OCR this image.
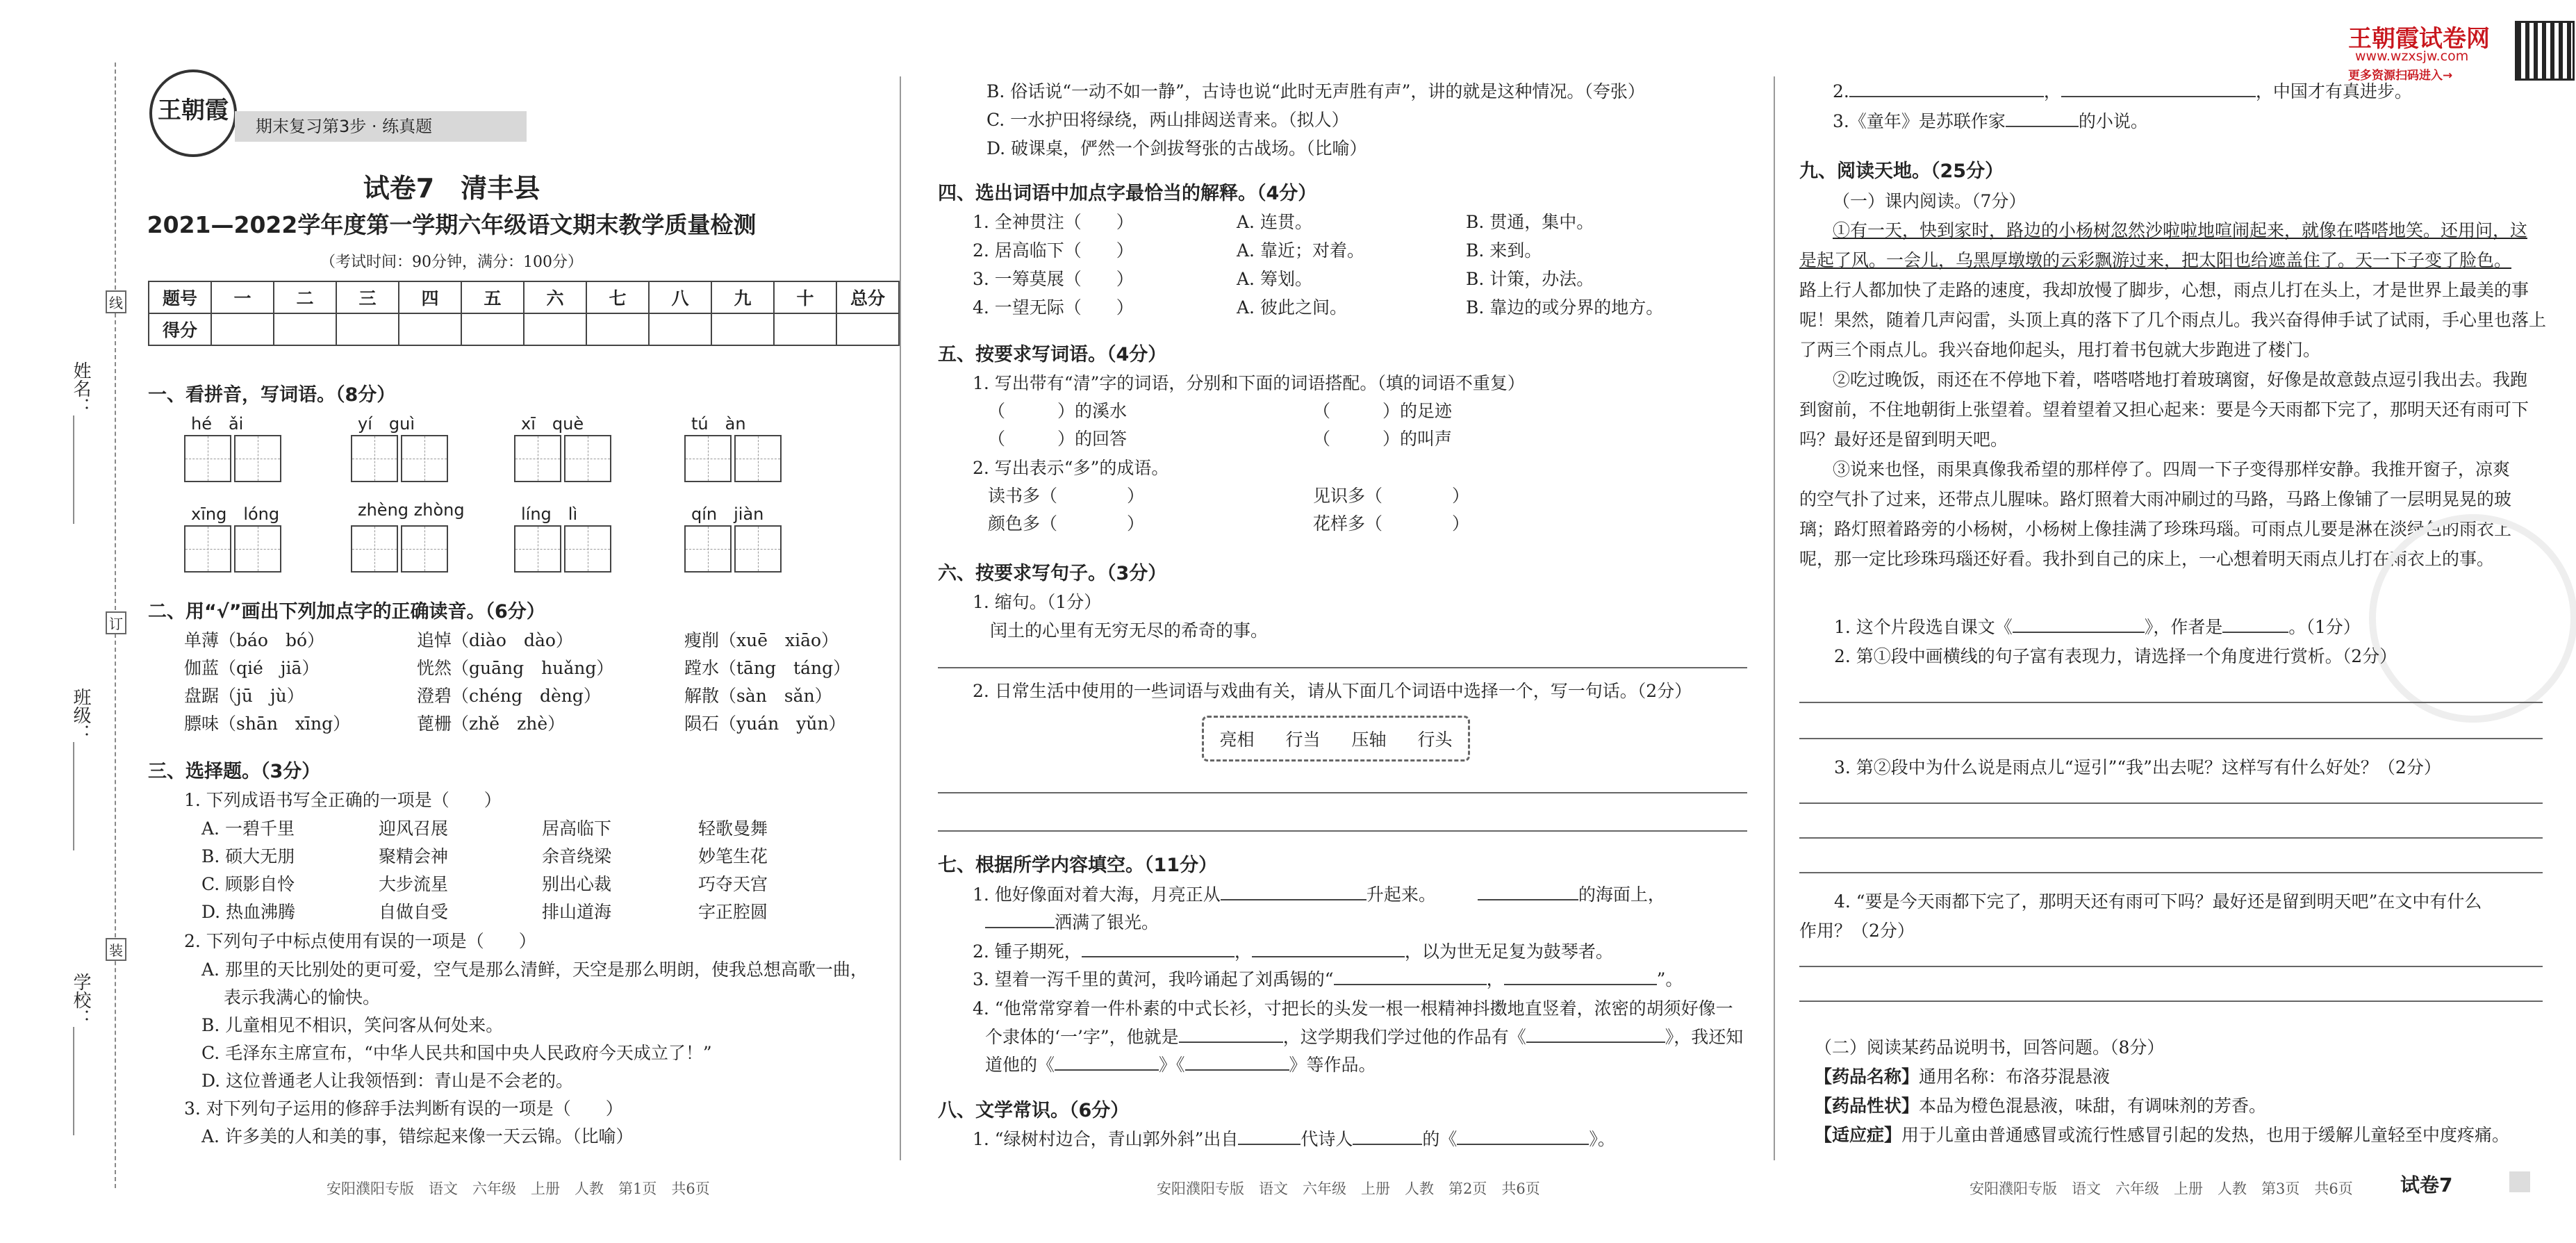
线
订
装
姓名：＿＿＿＿＿＿
班级：＿＿＿＿＿＿
学校：＿＿＿＿＿＿
王朝霞
期末复习第3步 · 练真题
试卷7　清丰县
2021—2022学年度第一学期六年级语文期末教学质量检测
（考试时间：90分钟，满分：100分）
题号	一	二	三	四	五	六	七	八	九	十	总分
得分											
一、看拼音，写词语。（8分）
hé　ǎi	yí　guì	xī　què	tú　àn
xīng　lóng	zhèng zhòng	líng　lì	qín　jiàn
二、用“√”画出下列加点字的正确读音。（6分）
单薄（báo　bó）	追悼（diào　dào）	瘦削（xuē　xiāo）
伽蓝（qié　jiā）	恍然（guāng　huǎng）	蹚水（tāng　táng）
盘踞（jū　jù）	澄碧（chéng　dèng）	解散（sàn　sǎn）
膘味（shān　xīng）	蓖栅（zhě　zhè）	陨石（yuán　yǔn）
三、选择题。（3分）
1. 下列成语书写全正确的一项是（　　）
A. 一碧千里	迎风召展	居高临下	轻歌曼舞
B. 硕大无朋	聚精会神	余音绕梁	妙笔生花
C. 顾影自怜	大步流星	别出心裁	巧夺天宫
D. 热血沸腾	自做自受	排山道海	字正腔圆
2. 下列句子中标点使用有误的一项是（　　）
A. 那里的天比别处的更可爱，空气是那么清鲜，天空是那么明朗，使我总想高歌一曲，
表示我满心的愉快。
B. 儿童相见不相识，笑问客从何处来。
C. 毛泽东主席宣布，“中华人民共和国中央人民政府今天成立了！”
D. 这位普通老人让我领悟到：青山是不会老的。
3. 对下列句子运用的修辞手法判断有误的一项是（　　）
A. 许多美的人和美的事，错综起来像一天云锦。（比喻）
安阳濮阳专版　语文　六年级　上册　人教　第1页　共6页
B. 俗话说“一动不如一静”，古诗也说“此时无声胜有声”，讲的就是这种情况。（夸张）
C. 一水护田将绿绕，两山排闼送青来。（拟人）
D. 破课桌，俨然一个剑拔弩张的古战场。（比喻）
四、选出词语中加点字最恰当的解释。（4分）
1. 全神贯注（　　）	A. 连贯。	B. 贯通，集中。
2. 居高临下（　　）	A. 靠近；对着。	B. 来到。
3. 一筹莫展（　　）	A. 筹划。	B. 计策，办法。
4. 一望无际（　　）	A. 彼此之间。	B. 靠边的或分界的地方。
五、按要求写词语。（4分）
1. 写出带有“清”字的词语，分别和下面的词语搭配。（填的词语不重复）
（　　　）的溪水	（　　　）的足迹
（　　　）的回答	（　　　）的叫声
2. 写出表示“多”的成语。
读书多（　　　　）	见识多（　　　　）
颜色多（　　　　）	花样多（　　　　）
六、按要求写句子。（3分）
1. 缩句。（1分）
闰土的心里有无穷无尽的希奇的事。
2. 日常生活中使用的一些词语与戏曲有关，请从下面几个词语中选择一个，写一句话。（2分）
亮相 行当 压轴 行头
七、根据所学内容填空。（11分）
1. 他好像面对着大海，月亮正从	升起来。	的海面上，
洒满了银光。
2. 锺子期死，	，	，以为世无足复为鼓琴者。
3. 望着一泻千里的黄河，我吟诵起了刘禹锡的“	，	”。
4. “他常常穿着一件朴素的中式长衫，寸把长的头发一根一根精神抖擞地直竖着，浓密的胡须好像一
个隶体的‘一’字”，他就是	，这学期我们学过他的作品有《	》，我还知
道他的《	》《	》等作品。
八、文学常识。（6分）
1. “绿树村边合，青山郭外斜”出自	代诗人	的《	》。
安阳濮阳专版　语文　六年级　上册　人教　第2页　共6页
王朝霞试卷网
www.wzxsjw.com
更多资源扫码进入→
2.	，	，中国才有真进步。
3.《童年》是苏联作家	的小说。
九、阅读天地。（25分）
（一）课内阅读。（7分）
①有一天，快到家时，路边的小杨树忽然沙啦啦地喧闹起来，就像在嗒嗒地笑。还用问，这
是起了风。一会儿，乌黑厚墩墩的云彩飘游过来，把太阳也给遮盖住了。天一下子变了脸色。
路上行人都加快了走路的速度，我却放慢了脚步，心想，雨点儿打在头上，才是世界上最美的事
呢！果然，随着几声闷雷，头顶上真的落下了几个雨点儿。我兴奋得伸手试了试雨，手心里也落上
了两三个雨点儿。我兴奋地仰起头，甩打着书包就大步跑进了楼门。
②吃过晚饭，雨还在不停地下着，嗒嗒嗒地打着玻璃窗，好像是故意鼓点逗引我出去。我跑
到窗前，不住地朝街上张望着。望着望着又担心起来：要是今天雨都下完了，那明天还有雨可下
吗？最好还是留到明天吧。
③说来也怪，雨果真像我希望的那样停了。四周一下子变得那样安静。我推开窗子，凉爽
的空气扑了过来，还带点儿腥味。路灯照着大雨冲刷过的马路，马路上像铺了一层明晃晃的玻
璃；路灯照着路旁的小杨树，小杨树上像挂满了珍珠玛瑙。可雨点儿要是淋在淡绿色的雨衣上
呢，那一定比珍珠玛瑙还好看。我扑到自己的床上，一心想着明天雨点儿打在雨衣上的事。
1. 这个片段选自课文《	》，作者是	。（1分）
2. 第①段中画横线的句子富有表现力，请选择一个角度进行赏析。（2分）
3. 第②段中为什么说是雨点儿“逗引”“我”出去呢？这样写有什么好处？（2分）
4. “要是今天雨都下完了，那明天还有雨可下吗？最好还是留到明天吧”在文中有什么
作用？（2分）
（二）阅读某药品说明书，回答问题。（8分）
【药品名称】通用名称：布洛芬混悬液
【药品性状】本品为橙色混悬液，味甜，有调味剂的芳香。
【适应症】用于儿童由普通感冒或流行性感冒引起的发热，也用于缓解儿童轻至中度疼痛。
安阳濮阳专版　语文　六年级　上册　人教　第3页　共6页 试卷7
